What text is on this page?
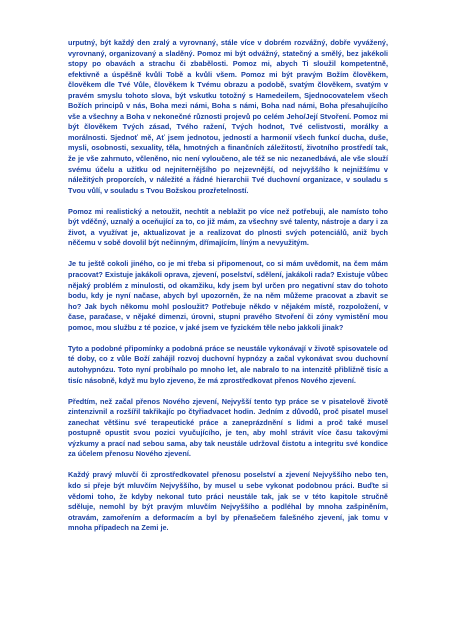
urputný, být každý den zralý a vyrovnaný, stále více v dobrém rozvážný, dobře vyvážený, vyrovnaný, organizovaný a sladěný. Pomoz mi být odvážný, statečný a smělý, bez jakékoli stopy po obavách a strachu či zbabělosti. Pomoz mi, abych Ti sloužil kompetentně, efektivně a úspěšně kvůli Tobě a kvůli všem. Pomoz mi být pravým Božím člověkem, člověkem dle Tvé Vůle, člověkem k Tvému obrazu a podobě, svatým člověkem, svatým v pravém smyslu tohoto slova, být vskutku totožný s Hamedeilem, Sjednocovatelem všech Božích principů v nás, Boha mezi námi, Boha s námi, Boha nad námi, Boha přesahujícího vše a všechny a Boha v nekonečné různosti projevů po celém Jeho/Její Stvoření. Pomoz mi být člověkem Tvých zásad, Tvého ražení, Tvých hodnot, Tvé celistvosti, morálky a morálnosti. Sjednoť mě, Ať jsem jednotou, jedností a harmonií všech funkcí ducha, duše, mysli, osobnosti, sexuality, těla, hmotných a finančních záležitostí, životního prostředí tak, že je vše zahrnuto, včleněno, nic není vyloučeno, ale též se nic nezanedbává, ale vše slouží svému účelu a užitku od nejniternějšího po nejzevnější, od nejvyššího k nejnižšímu v náležitých proporcích, v náležité a řádné hierarchii Tvé duchovní organizace, v souladu s Tvou vůlí, v souladu s Tvou Božskou prozřetelností.

Pomoz mi realistický a netoužit, nechtít a neblažit po více než potřebuji, ale namísto toho být vděčný, uznalý a oceňující za to, co již mám, za všechny své talenty, nástroje a dary i za život, a využívat je, aktualizovat je a realizovat do plnosti svých potenciálů, aniž bych něčemu v sobě dovolil být nečinným, dřímajícím, líným a nevyužitým.

Je tu ještě cokoli jiného, co je mi třeba si připomenout, co si mám uvědomit, na čem mám pracovat? Existuje jakákoli oprava, zjevení, poselství, sdělení, jakákoli rada? Existuje vůbec nějaký problém z minulosti, od okamžiku, kdy jsem byl určen pro negativní stav do tohoto bodu, kdy je nyní načase, abych byl upozorněn, že na něm můžeme pracovat a zbavit se ho? Jak bych někomu mohl posloužit? Potřebuje někdo v nějakém místě, rozpoložení, v čase, paračase, v nějaké dimenzi, úrovni, stupni pravého Stvoření či zóny vymistění mou pomoc, mou službu z té pozice, v jaké jsem ve fyzickém těle nebo jakkoli jinak?

Tyto a podobné připomínky a podobná práce se neustále vykonávají v životě spisovatele od té doby, co z vůle Boží zahájil rozvoj duchovní hypnózy a začal vykonávat svou duchovní autohypnózu. Toto nyní probíhalo po mnoho let, ale nabralo to na intenzitě přibližně tisíc a tisíc násobně, když mu bylo zjeveno, že má zprostředkovat přenos Nového zjevení.

Předtím, než začal přenos Nového zjevení, Nejvyšší tento typ práce se v pisatelově životě zintenzivnil a rozšířil takřikajíc po čtyřiadvacet hodin. Jedním z důvodů, proč pisatel musel zanechat většinu své terapeutické práce a zaneprázdnění s lidmi a proč také musel postupně opustit svou pozici vyučujícího, je ten, aby mohl strávit více času takovými výzkumy a prací nad sebou sama, aby tak neustále udržoval čistotu a integritu své kondice za účelem přenosu Nového zjevení.

Každý pravý mluvčí či zprostředkovatel přenosu poselství a zjevení Nejvyššího nebo ten, kdo si přeje být mluvčím Nejvyššího, by musel u sebe vykonat podobnou práci. Buďte si vědomi toho, že kdyby nekonal tuto práci neustále tak, jak se v této kapitole stručně sděluje, nemohl by být pravým mluvčím Nejvyššího a podléhal by mnoha zašpiněním, otravám, zamořením a deformacím a byl by přenašečem falešného zjevení, jak tomu v mnoha případech na Zemi je.
